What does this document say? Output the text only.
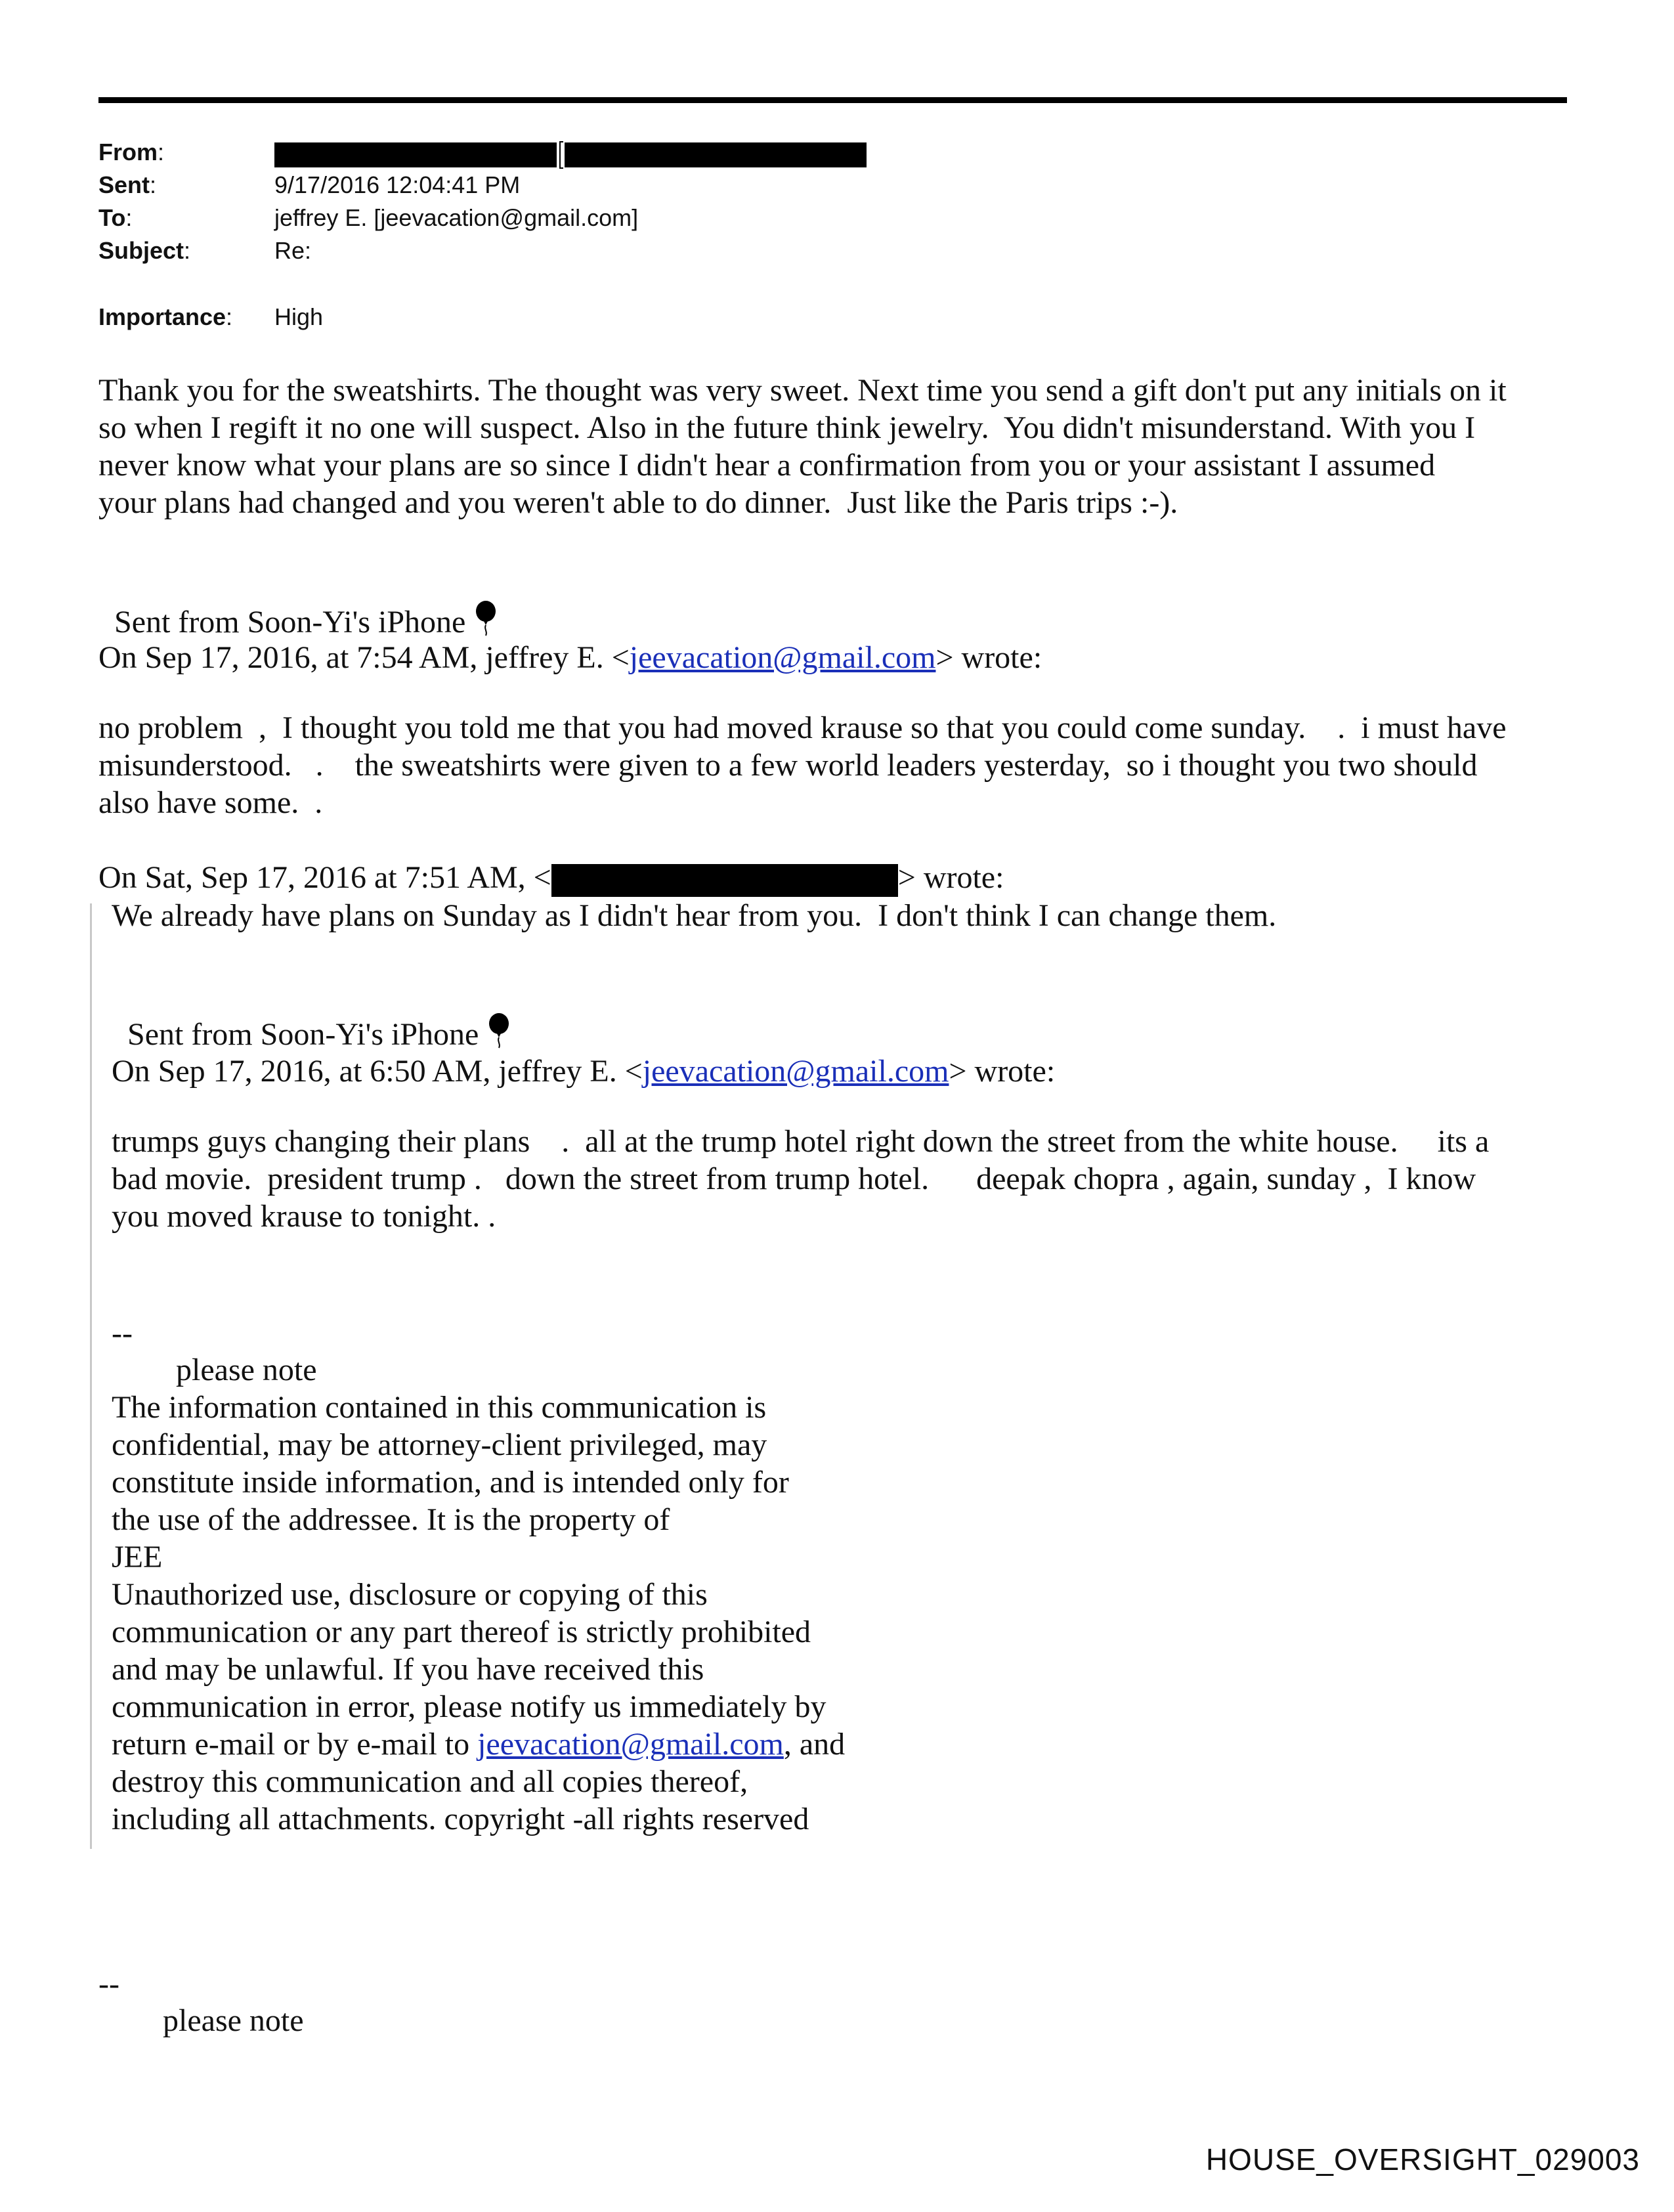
From:
Sent:	9/17/2016 12:04:41 PM
To:	jeffrey E. [jeevacation@gmail.com]
Subject:	Re:
Importance: High
Thank you for the sweatshirts. The thought was very sweet. Next time you send a gift don't put any initials on it
so when I regift it no one will suspect. Also in the future think jewelry.  You didn't misunderstand. With you I
never know what your plans are so since I didn't hear a confirmation from you or your assistant I assumed
your plans had changed and you weren't able to do dinner.  Just like the Paris trips :-).

Sent from Soon-Yi's iPhone

On Sep 17, 2016, at 7:54 AM, jeffrey E. <jeevacation@gmail.com> wrote:
no problem  ,  I thought you told me that you had moved krause so that you could come sunday.    .  i must have
misunderstood.   .    the sweatshirts were given to a few world leaders yesterday,  so i thought you two should
also have some.  .
On Sat, Sep 17, 2016 at 7:51 AM, <	> wrote:
We already have plans on Sunday as I didn't hear from you.  I don't think I can change them.

Sent from Soon-Yi's iPhone

On Sep 17, 2016, at 6:50 AM, jeffrey E. <jeevacation@gmail.com> wrote:
trumps guys changing their plans    .  all at the trump hotel right down the street from the white house.     its a
bad movie.  president trump .   down the street from trump hotel.      deepak chopra , again, sunday ,  I know
you moved krause to tonight. .
--
please note
The information contained in this communication is
confidential, may be attorney-client privileged, may
constitute inside information, and is intended only for
the use of the addressee. It is the property of
JEE
Unauthorized use, disclosure or copying of this
communication or any part thereof is strictly prohibited
and may be unlawful. If you have received this
communication in error, please notify us immediately by
return e-mail or by e-mail to jeevacation@gmail.com, and
destroy this communication and all copies thereof,
including all attachments. copyright -all rights reserved
--
please note
HOUSE_OVERSIGHT_029003
